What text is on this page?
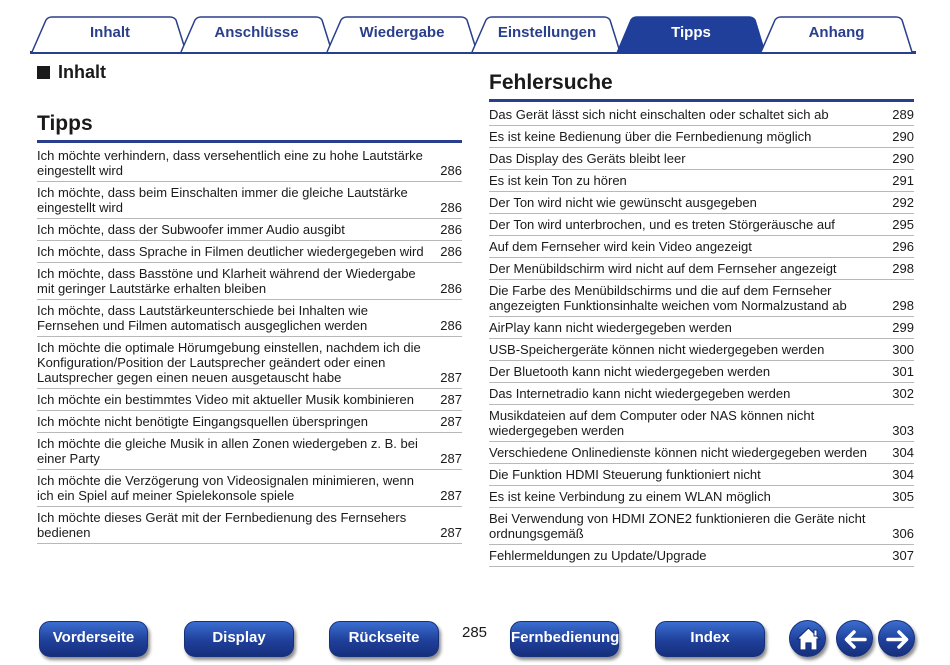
Inhalt	Anschlüsse	Wiedergabe	Einstellungen	Tipps	Anhang
Inhalt
Tipps
Ich möchte verhindern, dass versehentlich eine zu hohe Lautstärke eingestellt wird	286
Ich möchte, dass beim Einschalten immer die gleiche Lautstärke eingestellt wird	286
Ich möchte, dass der Subwoofer immer Audio ausgibt	286
Ich möchte, dass Sprache in Filmen deutlicher wiedergegeben wird	286
Ich möchte, dass Basstöne und Klarheit während der Wiedergabe mit geringer Lautstärke erhalten bleiben	286
Ich möchte, dass Lautstärkeunterschiede bei Inhalten wie Fernsehen und Filmen automatisch ausgeglichen werden	286
Ich möchte die optimale Hörumgebung einstellen, nachdem ich die Konfiguration/Position der Lautsprecher geändert oder einen Lautsprecher gegen einen neuen ausgetauscht habe	287
Ich möchte ein bestimmtes Video mit aktueller Musik kombinieren	287
Ich möchte nicht benötigte Eingangsquellen überspringen	287
Ich möchte die gleiche Musik in allen Zonen wiedergeben z. B. bei einer Party	287
Ich möchte die Verzögerung von Videosignalen minimieren, wenn ich ein Spiel auf meiner Spielekonsole spiele	287
Ich möchte dieses Gerät mit der Fernbedienung des Fernsehers bedienen	287
Fehlersuche
Das Gerät lässt sich nicht einschalten oder schaltet sich ab	289
Es ist keine Bedienung über die Fernbedienung möglich	290
Das Display des Geräts bleibt leer	290
Es ist kein Ton zu hören	291
Der Ton wird nicht wie gewünscht ausgegeben	292
Der Ton wird unterbrochen, und es treten Störgeräusche auf	295
Auf dem Fernseher wird kein Video angezeigt	296
Der Menübildschirm wird nicht auf dem Fernseher angezeigt	298
Die Farbe des Menübildschirms und die auf dem Fernseher angezeigten Funktionsinhalte weichen vom Normalzustand ab	298
AirPlay kann nicht wiedergegeben werden	299
USB-Speichergeräte können nicht wiedergegeben werden	300
Der Bluetooth kann nicht wiedergegeben werden	301
Das Internetradio kann nicht wiedergegeben werden	302
Musikdateien auf dem Computer oder NAS können nicht wiedergegeben werden	303
Verschiedene Onlinedienste können nicht wiedergegeben werden	304
Die Funktion HDMI Steuerung funktioniert nicht	304
Es ist keine Verbindung zu einem WLAN möglich	305
Bei Verwendung von HDMI ZONE2 funktionieren die Geräte nicht ordnungsgemäß	306
Fehlermeldungen zu Update/Upgrade	307
Vorderseite	Display	Rückseite	285 Fernbedienung	Index
